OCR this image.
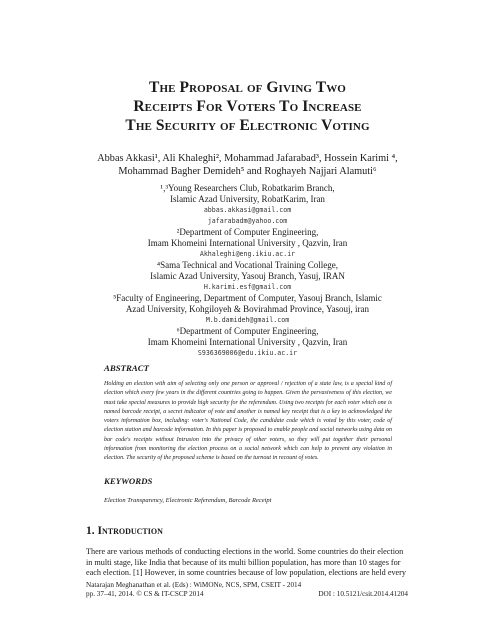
The Proposal of Giving Two
Receipts For Voters To Increase
The Security of Electronic Voting
Abbas Akkasi¹, Ali Khaleghi², Mohammad Jafarabad³, Hossein Karimi ⁴,
Mohammad Bagher Demideh⁵ and Roghayeh Najjari Alamuti⁶
¹,³Young Researchers Club, Robatkarim Branch,
Islamic Azad University, RobatKarim, Iran
abbas.akkasi@gmail.com
jafarabadm@yahoo.com
²Department of Computer Engineering,
Imam Khomeini International University , Qazvin, Iran
Akhaleghi@eng.ikiu.ac.ir
⁴Sama Technical and Vocational Training College,
Islamic Azad University, Yasouj Branch, Yasuj, IRAN
H.karimi.esf@gmail.com
⁵Faculty of Engineering, Department of Computer, Yasouj Branch, Islamic
Azad University, Kohgiloyeh & Bovirahmad Province, Yasouj, iran
M.b.damideh@gmail.com
⁶Department of Computer Engineering,
Imam Khomeini International University , Qazvin, Iran
S936369006@edu.ikiu.ac.ir
ABSTRACT
Holding an election with aim of selecting only one person or approval / rejection of a state law, is a special kind of election which every few years in the different countries going to happen. Given the pervasiveness of this election, we must take special measures to provide high security for the referendum. Using two receipts for each voter which one is named barcode receipt, a secret indicator of vote and another is named key receipt that is a key to acknowledged the voters information box, including: voter's National Code, the candidate code which is voted by this voter, code of election station and barcode information. In this paper is proposed to enable people and social networks using data on bar code's receipts without Intrusion into the privacy of other voters, so they will put together their personal information from monitoring the election process on a social network which can help to prevent any violation in election. The security of the proposed scheme is based on the turnout in recount of votes.
KEYWORDS
Election Transparency, Electronic Referendum, Barcode Receipt
1. Introduction
There are various methods of conducting elections in the world. Some countries do their election
in multi stage, like India that because of its multi billion population, has more than 10 stages for
each election. [1] However, in some countries because of low population, elections are held every
Natarajan Meghanathan et al. (Eds) : WiMONe, NCS, SPM, CSEIT - 2014
pp. 37–41, 2014. © CS & IT-CSCP 2014	DOI : 10.5121/csit.2014.41204
